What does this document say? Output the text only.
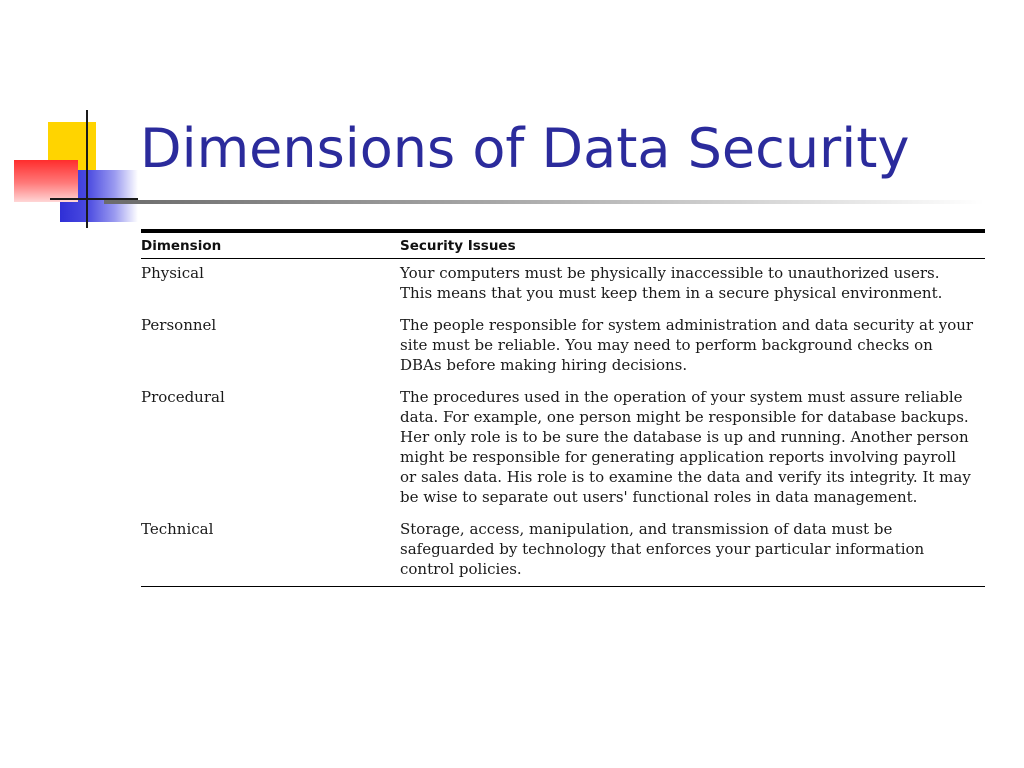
Dimensions of Data Security
Dimension	Security Issues
Physical	Your computers must be physically inaccessible to unauthorized users. This means that you must keep them in a secure physical environment.
Personnel	The people responsible for system administration and data security at your site must be reliable. You may need to perform background checks on DBAs before making hiring decisions.
Procedural	The procedures used in the operation of your system must assure reliable data. For example, one person might be responsible for database backups. Her only role is to be sure the database is up and running. Another person might be responsible for generating application reports involving payroll or sales data. His role is to examine the data and verify its integrity. It may be wise to separate out users' functional roles in data management.
Technical	Storage, access, manipulation, and transmission of data must be safeguarded by technology that enforces your particular information control policies.
